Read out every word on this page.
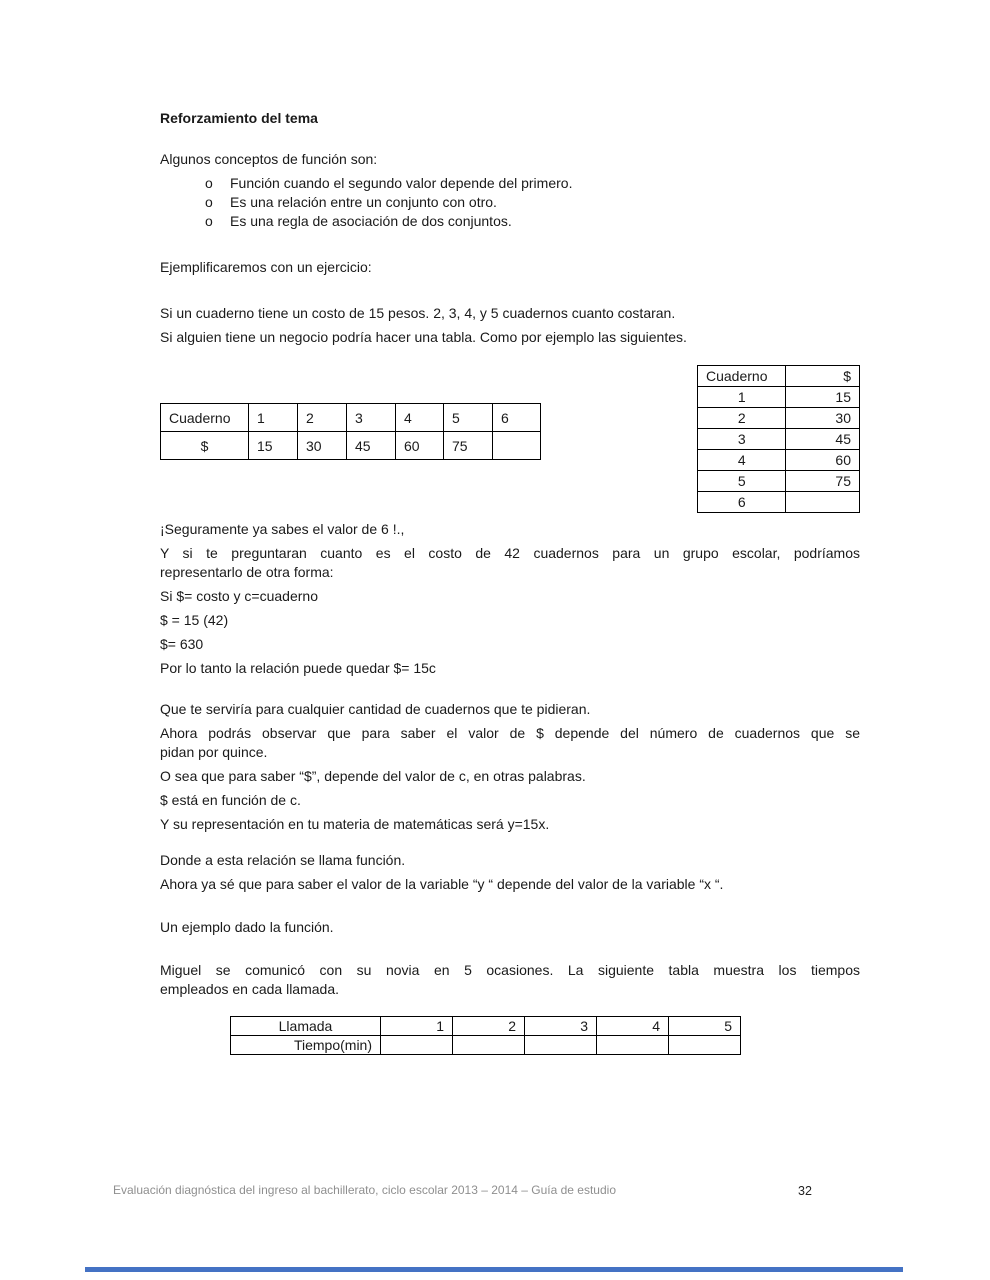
Reforzamiento del tema

Algunos conceptos de función son:

o Función cuando el segundo valor depende del primero.
o Es una relación entre un conjunto con otro.
o Es una regla de asociación de dos conjuntos.

Ejemplificaremos con un ejercicio:

Si un cuaderno tiene un costo de 15 pesos. 2, 3, 4, y 5 cuadernos cuanto costaran.

Si alguien tiene un negocio podría hacer una tabla. Como por ejemplo las siguientes.

Cuaderno	1	2	3	4	5	6
$	15	30	45	60	75	
Cuaderno	$
1	15
2	30
3	45
4	60
5	75
6	

¡Seguramente ya sabes el valor de 6 !.,

Y si te preguntaran cuanto es el costo de 42 cuadernos para un grupo escolar, podríamos
representarlo de otra forma:

Si $= costo y c=cuaderno

$ = 15 (42)

$= 630

Por lo tanto la relación puede quedar $= 15c

Que te serviría para cualquier cantidad de cuadernos que te pidieran.

Ahora podrás observar que para saber el valor de $ depende del número de cuadernos que se
pidan por quince.

O sea que para saber “$”, depende del valor de c, en otras palabras.

$ está en función de c.

Y su representación en tu materia de matemáticas será y=15x.

Donde a esta relación se llama función.

Ahora ya sé que para saber el valor de la variable “y “ depende del valor de la variable “x “.

Un ejemplo dado la función.

Miguel se comunicó con su novia en 5 ocasiones. La siguiente tabla muestra los tiempos
empleados en cada llamada.

Llamada	1	2	3	4	5
Tiempo(min)					
Evaluación diagnóstica del ingreso al bachillerato, ciclo escolar 2013 – 2014 – Guía de estudio	32
